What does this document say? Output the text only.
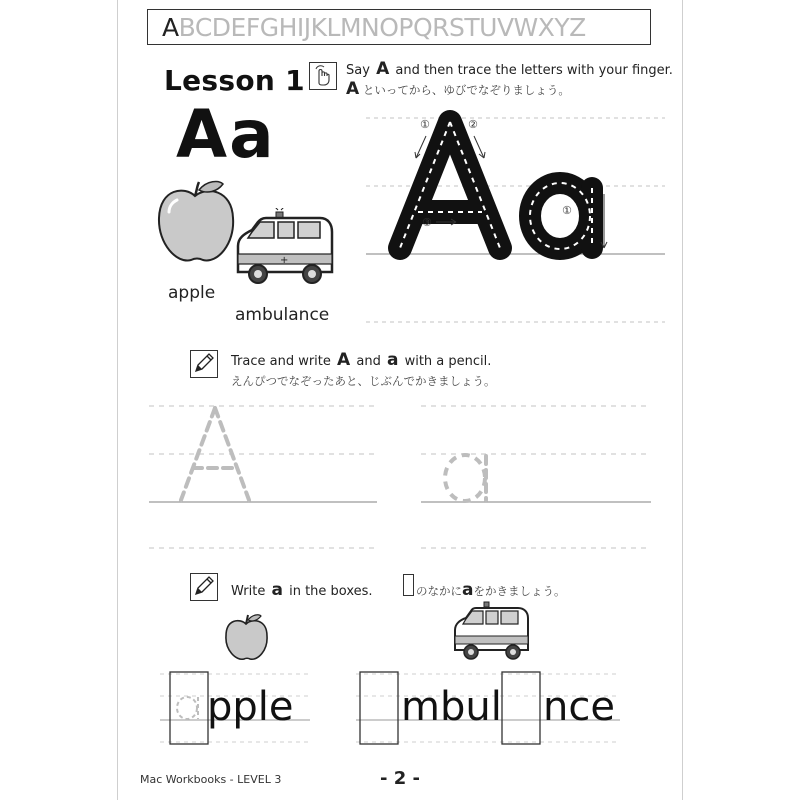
ABCDEFGHIJKLMNOPQRSTUVWXYZ
Lesson 1
Aa
apple
+
ambulance
Say A and then trace the letters with your finger.
A といってから、ゆびでなぞりましょう。
①	②
③
①
Trace and write A and a with a pencil.
えんぴつでなぞったあと、じぶんでかきましょう。
Write a in the boxes.	のなかにaをかきましょう。
pple	mbul nce
Mac Workbooks - LEVEL 3	- 2 -
